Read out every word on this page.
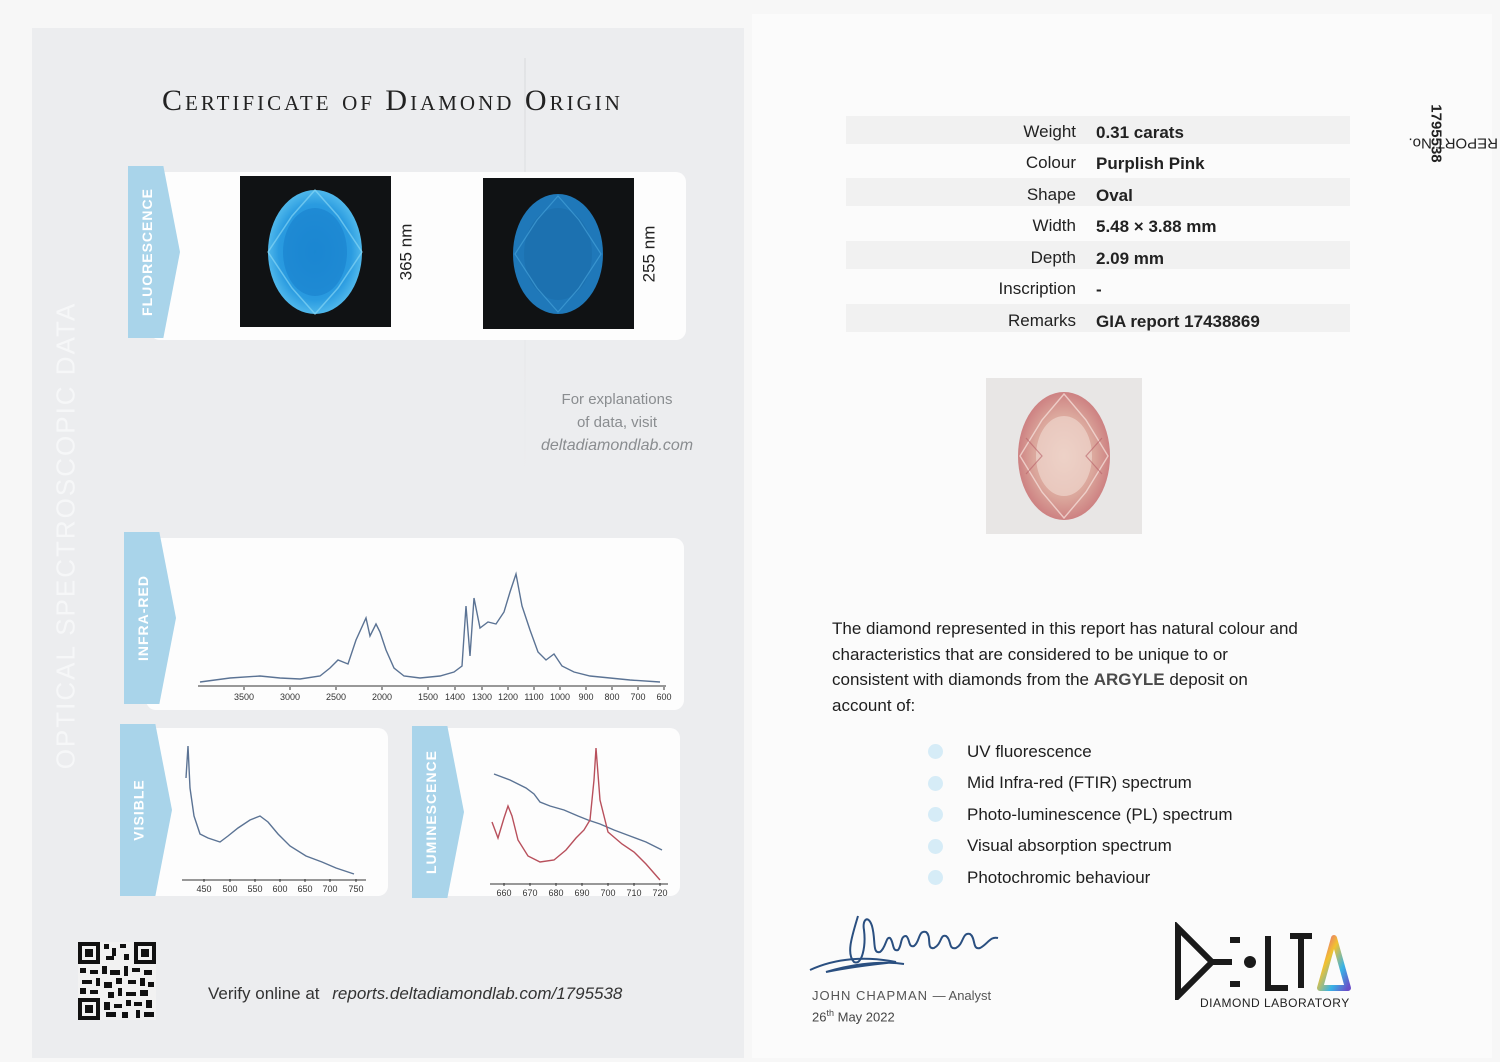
OPTICAL SPECTROSCOPIC DATA
Certificate of Diamond Origin
FLUORESCENCE	365 nm	255 nm
For explanations
of data, visit
deltadiamondlab.com
INFRA-RED
3500	3000	2500	2000	1500 1400 1300 1200 1100 1000 900 800 700 600
VISIBLE
450 500 550 600 650 700 750
LUMINESCENCE
660 670 680 690 700 710 720
Verify online at reports.deltadiamondlab.com/1795538
REPORT No.
1795538
Weight 0.31 carats
Colour Purplish Pink
Shape Oval
Width 5.48 × 3.88 mm
Depth 2.09 mm
Inscription -
Remarks GIA report 17438869
The diamond represented in this report has natural colour and characteristics that are considered to be unique to or consistent with diamonds from the ARGYLE deposit on account of:
UV fluorescence
Mid Infra-red (FTIR) spectrum
Photo-luminescence (PL) spectrum
Visual absorption spectrum
Photochromic behaviour
JOHN CHAPMAN — Analyst
26th May 2022
DIAMOND LABORATORY
